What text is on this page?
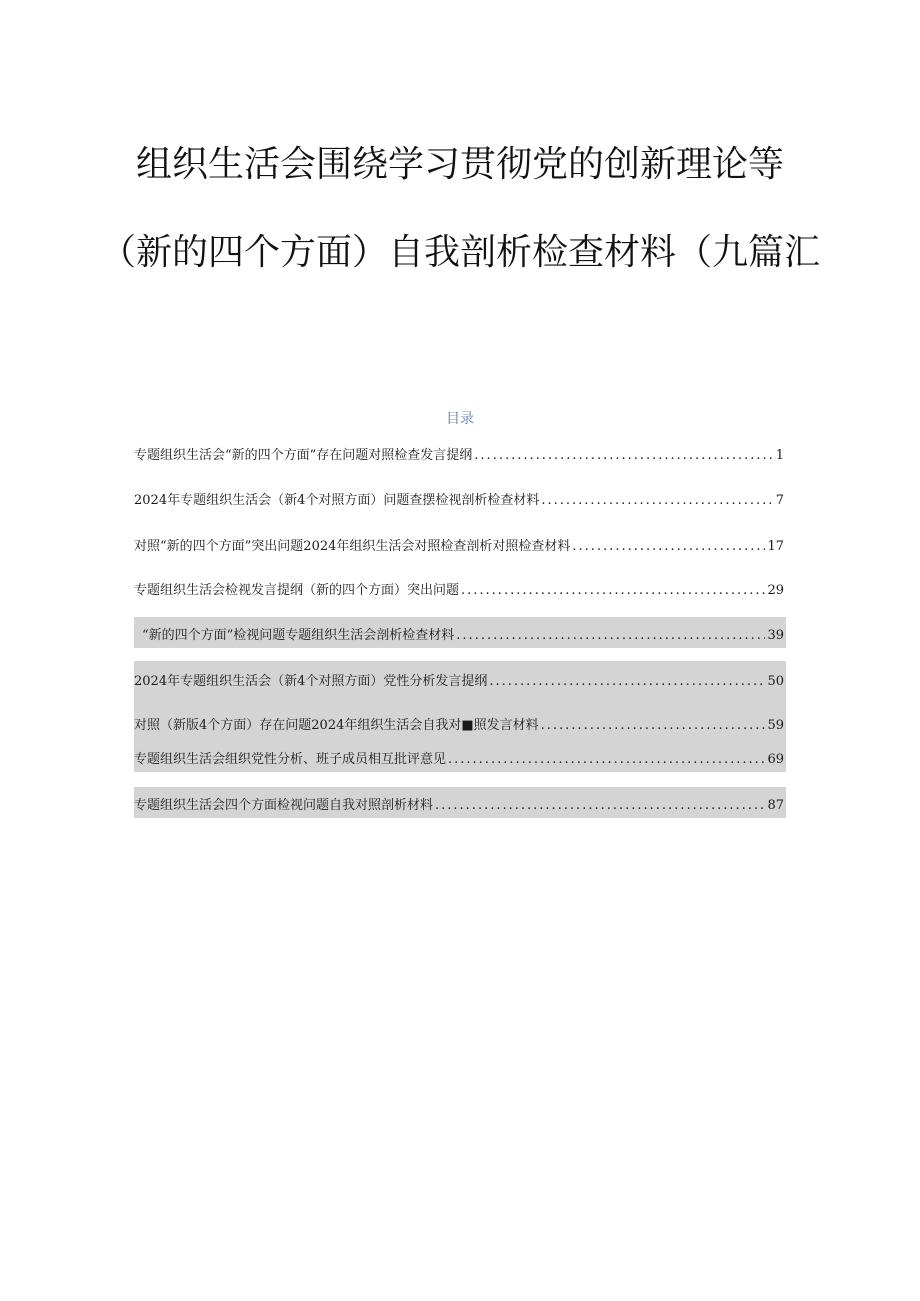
组织生活会围绕学习贯彻党的创新理论等
（新的四个方面）自我剖析检查材料（九篇汇
目录
专题组织生活会“新的四个方面”存在问题对照检查发言提纲 .....	1
2024年专题组织生活会（新4个对照方面）问题查摆检视剖析检查材料 .....	7
对照“新的四个方面”突出问题2024年组织生活会对照检查剖析对照检查材料 .....	17
专题组织生活会检视发言提纲（新的四个方面）突出问题 .....	29
“新的四个方面”检视问题专题组织生活会剖析检查材料 .....	39
2024年专题组织生活会（新4个对照方面）党性分析发言提纲 .....	50
对照（新版4个方面）存在问题2024年组织生活会自我对■照发言材料 .....	59
专题组织生活会组织党性分析、班子成员相互批评意见 .....	69
专题组织生活会四个方面检视问题自我对照剖析材料 .....	87
